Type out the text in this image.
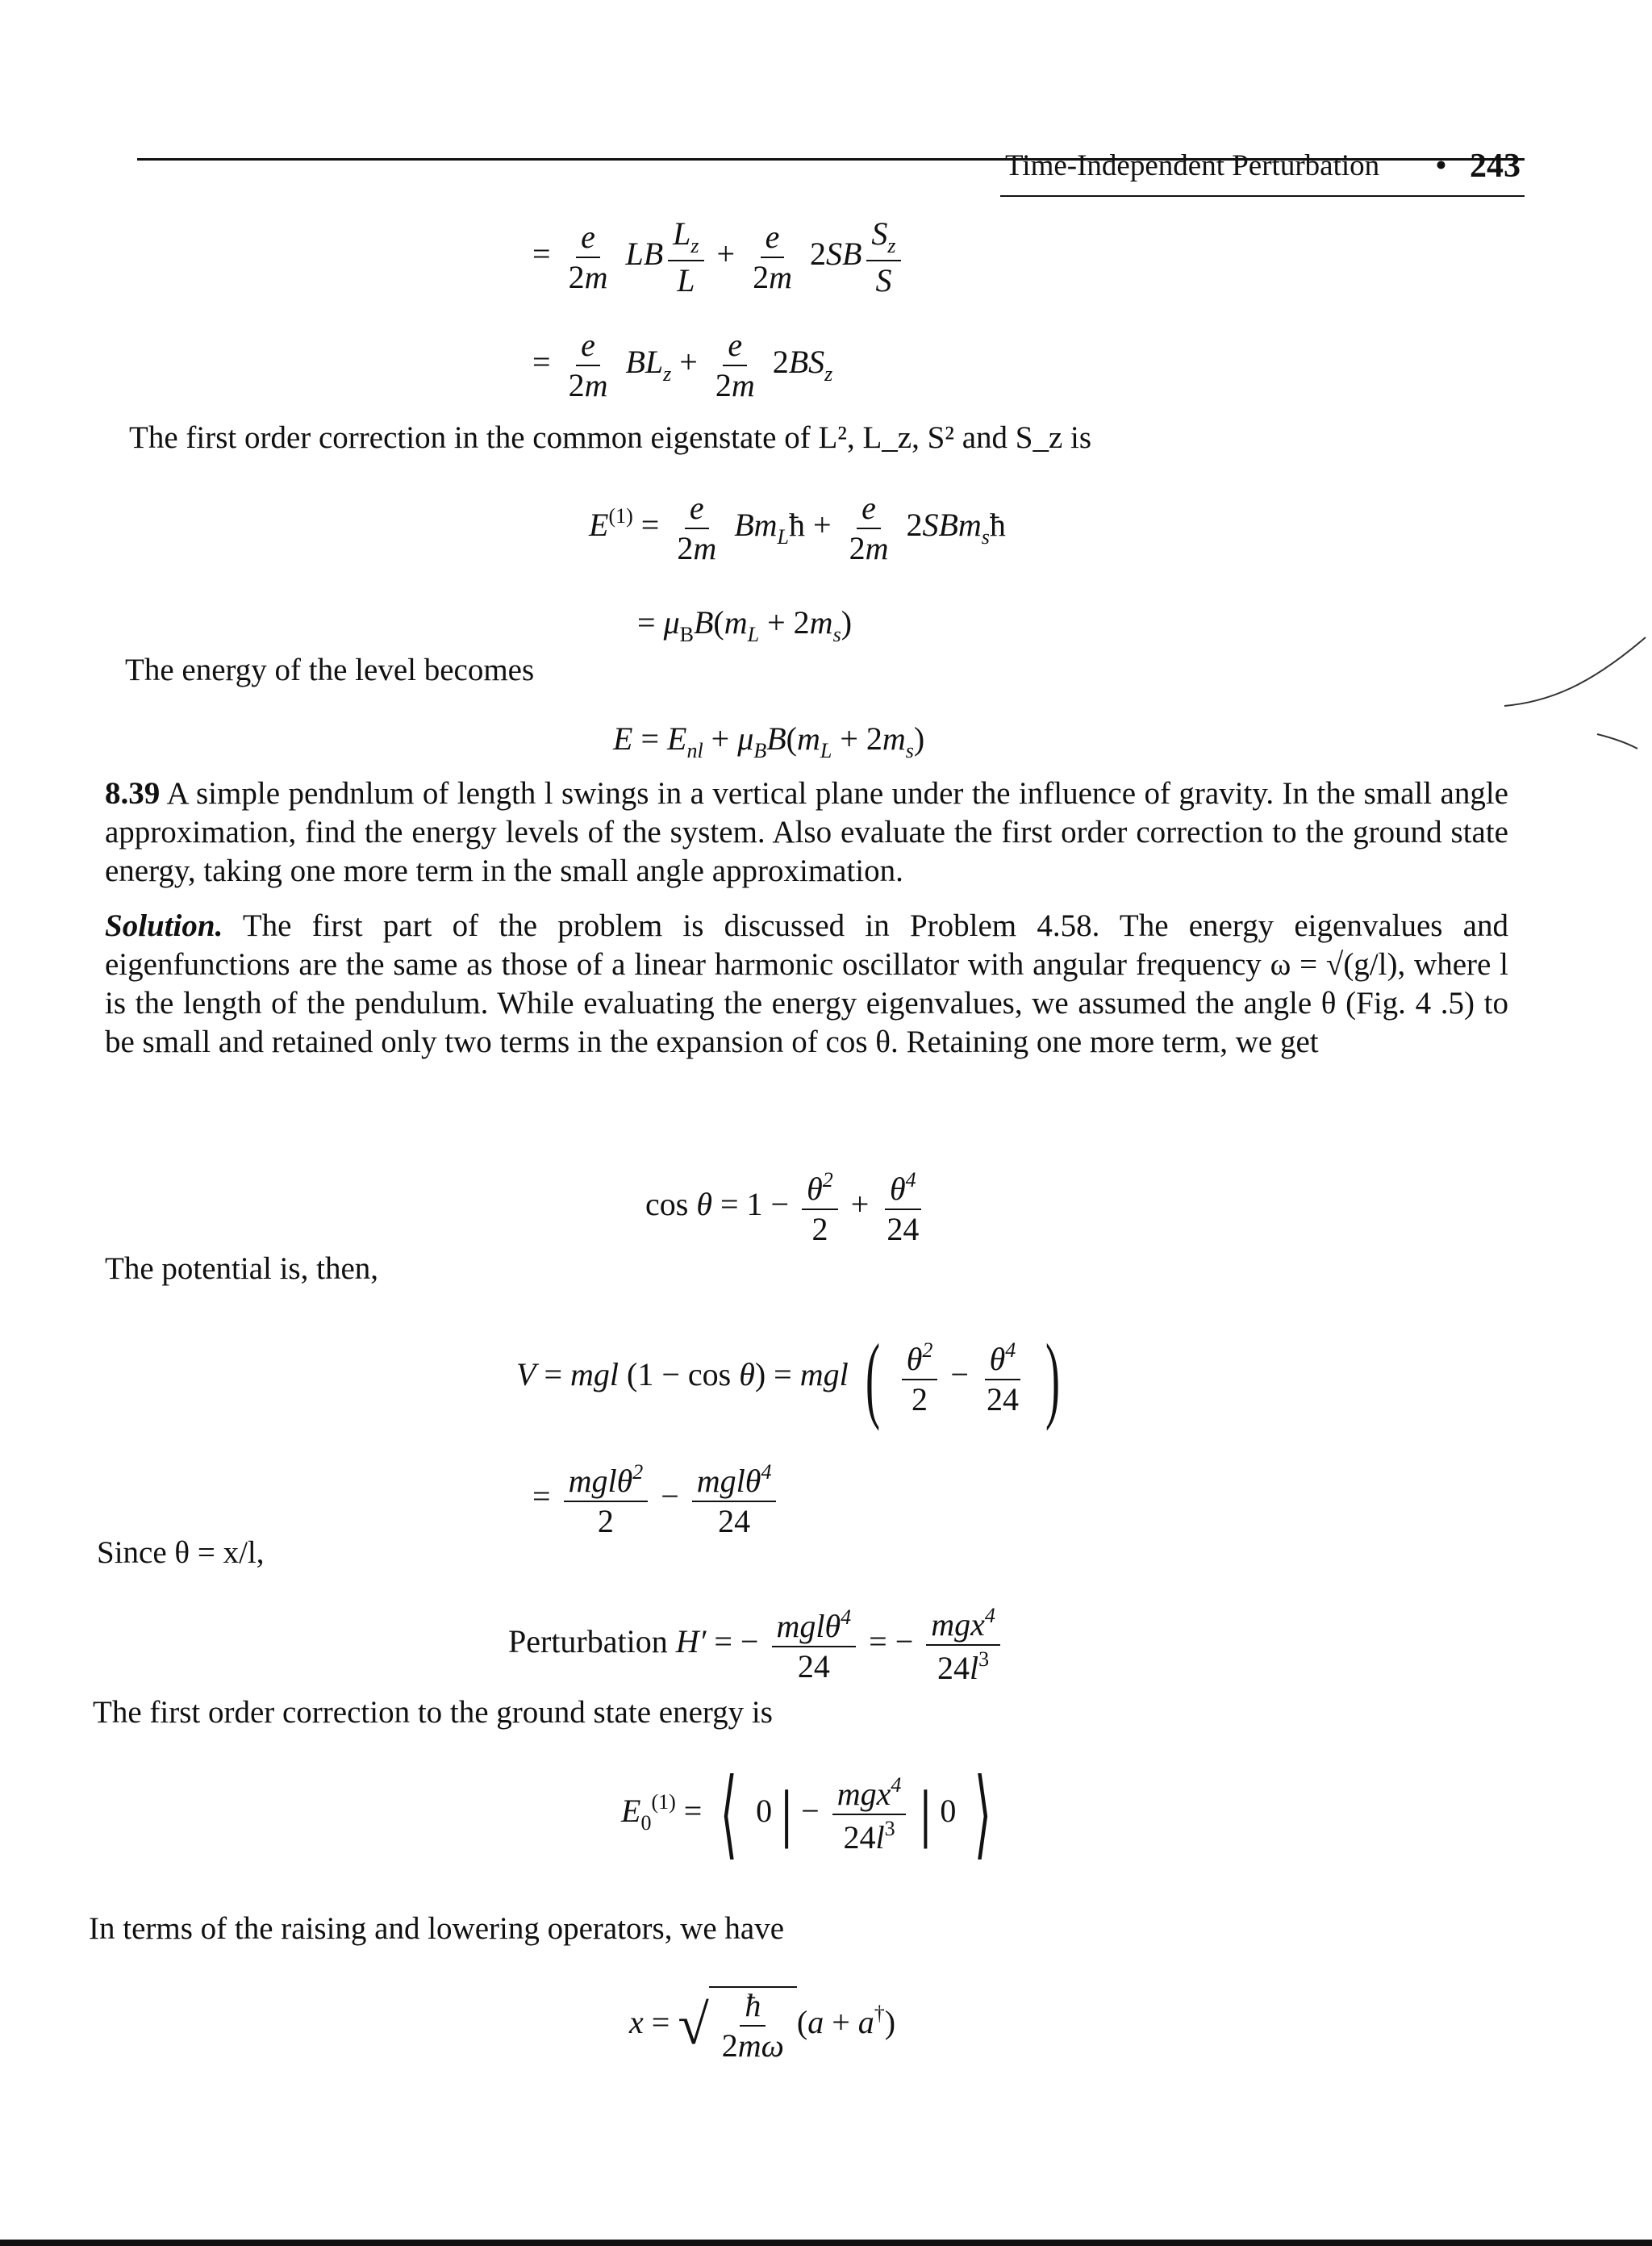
Time-Independent Perturbation • 243
= $\frac{e}{2m}$ LB $\frac{L_z}{L} + \frac{e}{2m} 2SB \frac{S_z}{S}$
= $\frac{e}{2m} BL_z + \frac{e}{2m} 2BS_z$
The first order correction in the common eigenstate of L², L_z, S² and S_z is
$E^{(1)} = \frac{e}{2m}$ $Bm_Lħ + \frac{e}{2m}$ 2SBm$_s$ħ
= $\mu_BB(m_L + 2m_s)$
The energy of the level becomes
$E = E_{nl} + \mu_BB(m_L + 2m_s)$
8.39 A simple pendnlum of length l swings in a vertical plane under the influence of gravity. In the small angle approximation, find the energy levels of the system. Also evaluate the first order correction to the ground state energy, taking one more term in the small angle approximation.
Solution. The first part of the problem is discussed in Problem 4.58. The energy eigenvalues and eigenfunctions are the same as those of a linear harmonic oscillator with angular frequency ω = √(g/l), where l is the length of the pendulum. While evaluating the energy eigenvalues, we assumed the angle θ (Fig. 4 .5) to be small and retained only two terms in the expansion of cos θ. Retaining one more term, we get
$\cos \theta = 1 - \frac{\theta^2}{2} + \frac{\theta^4}{24}$
The potential is, then,
V = mgl (1 − cos θ) = mgl ( $\frac{\theta^2}{2} - \frac{\theta^4}{24}$ )
= $\frac{mgl\theta^2}{2} - \frac{mgl\theta^4}{24}$
Since θ = x/l,
Perturbation H′ = − $\frac{mgl\theta^4}{24}$ = − $\frac{mgx^4}{24l^3}$
The first order correction to the ground state energy is
$E_0^{(1)}$ = ⟨ 0 | − $\frac{mgx^4}{24l^3}$ | 0 ⟩
In terms of the raising and lowering operators, we have
x = √ $\frac{ħ}{2m\omega} (a + a^\dagger)$
